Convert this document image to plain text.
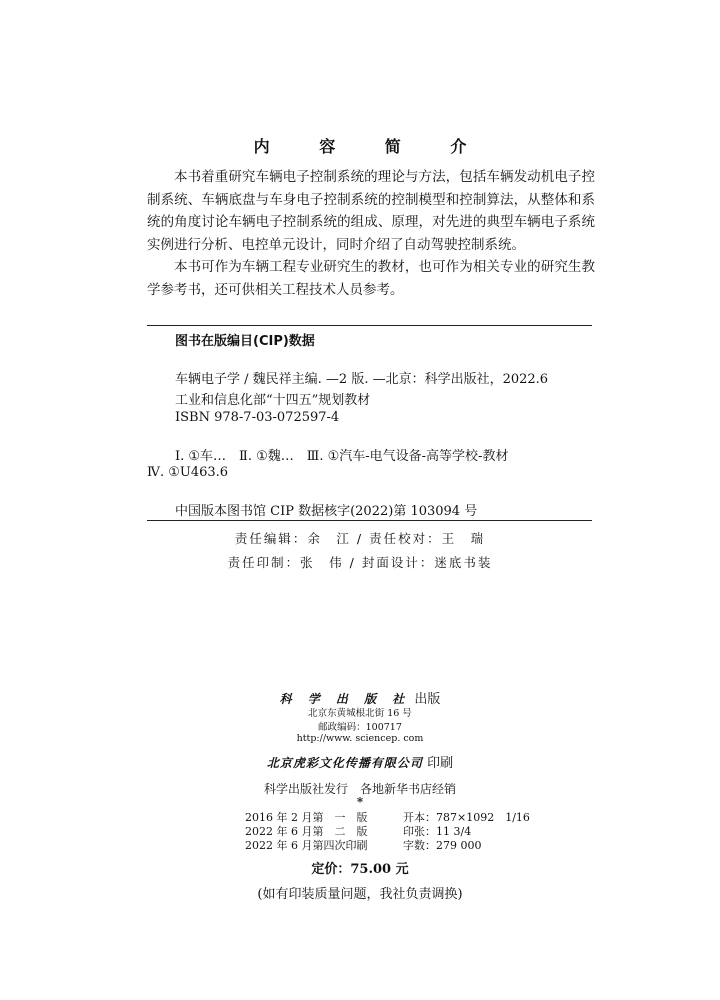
内 容 简 介

本书着重研究车辆电子控制系统的理论与方法，包括车辆发动机电子控制系统、车辆底盘与车身电子控制系统的控制模型和控制算法，从整体和系统的角度讨论车辆电子控制系统的组成、原理，对先进的典型车辆电子系统实例进行分析、电控单元设计，同时介绍了自动驾驶控制系统。

本书可作为车辆工程专业研究生的教材，也可作为相关专业的研究生教学参考书，还可供相关工程技术人员参考。

图书在版编目(CIP)数据
车辆电子学 / 魏民祥主编. —2 版. —北京：科学出版社，2022.6
工业和信息化部“十四五”规划教材
ISBN 978-7-03-072597-4
Ⅰ. ①车…　Ⅱ. ①魏…　Ⅲ. ①汽车-电气设备-高等学校-教材
Ⅳ. ①U463.6
中国版本图书馆 CIP 数据核字(2022)第 103094 号
责任编辑：余　江 / 责任校对：王　瑞
责任印制：张　伟 / 封面设计：迷底书装
科 学 出 版 社 出版
北京东黄城根北街 16 号
邮政编码：100717
http://www. sciencep. com
北京虎彩文化传播有限公司 印刷
科学出版社发行　各地新华书店经销
*
2016 年 2 月第　一　版	开本：787×1092　1/16
2022 年 6 月第　二　版	印张：11 3/4
2022 年 6 月第四次印刷	字数：279 000
定价：75.00 元
(如有印装质量问题，我社负责调换)
